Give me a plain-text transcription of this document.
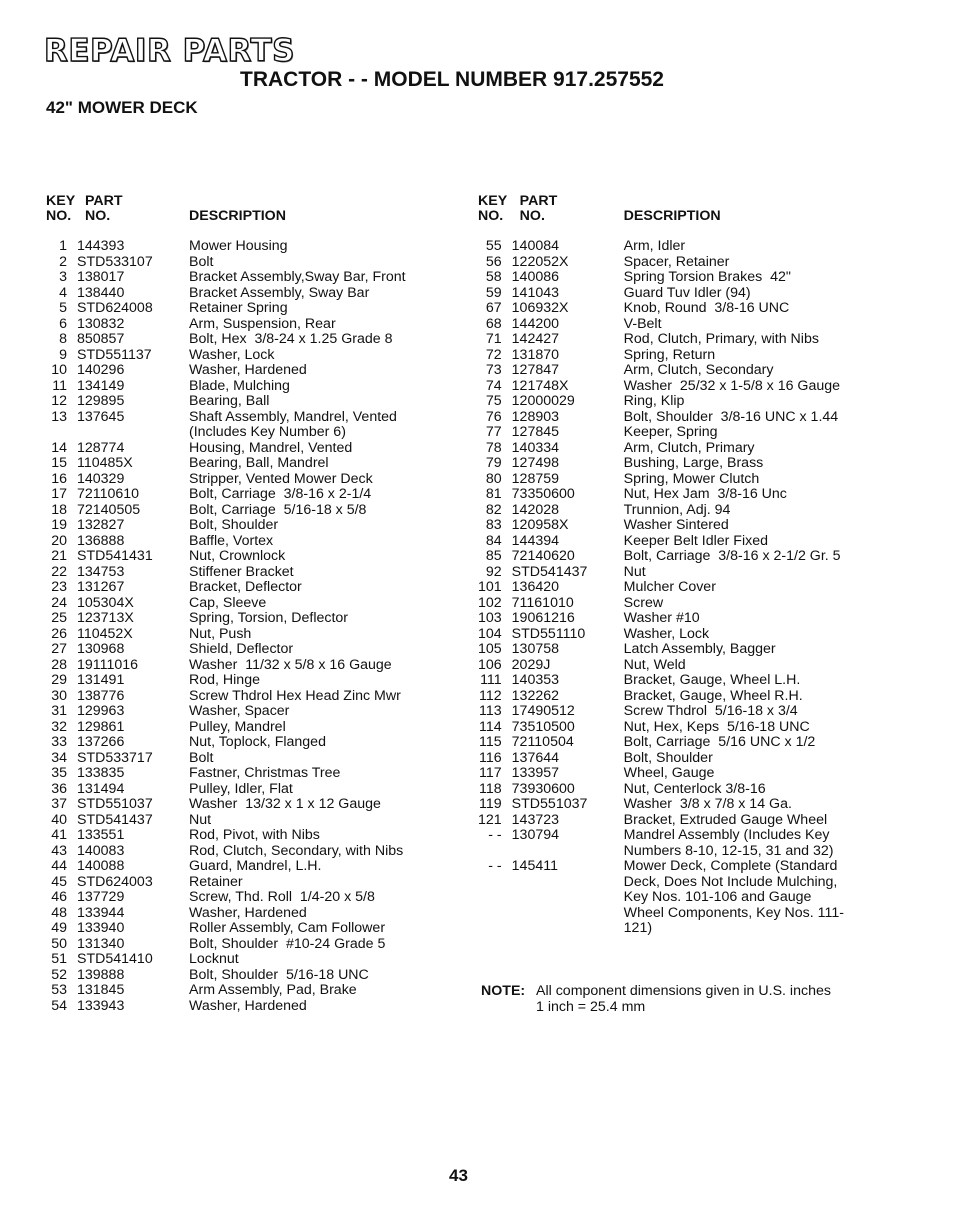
REPAIR PARTS
TRACTOR - - MODEL NUMBER 917.257552
42" MOWER DECK
KEY
NO.	PART
NO.	DESCRIPTION
1	144393	Mower Housing
2	STD533107	Bolt
3	138017	Bracket Assembly,Sway Bar, Front
4	138440	Bracket Assembly, Sway Bar
5	STD624008	Retainer Spring
6	130832	Arm, Suspension, Rear
8	850857	Bolt, Hex  3/8-24 x 1.25 Grade 8
9	STD551137	Washer, Lock
10	140296	Washer, Hardened
11	134149	Blade, Mulching
12	129895	Bearing, Ball
13	137645	Shaft Assembly, Mandrel, Vented
		(Includes Key Number 6)
14	128774	Housing, Mandrel, Vented
15	110485X	Bearing, Ball, Mandrel
16	140329	Stripper, Vented Mower Deck
17	72110610	Bolt, Carriage  3/8-16 x 2-1/4
18	72140505	Bolt, Carriage  5/16-18 x 5/8
19	132827	Bolt, Shoulder
20	136888	Baffle, Vortex
21	STD541431	Nut, Crownlock
22	134753	Stiffener Bracket
23	131267	Bracket, Deflector
24	105304X	Cap, Sleeve
25	123713X	Spring, Torsion, Deflector
26	110452X	Nut, Push
27	130968	Shield, Deflector
28	19111016	Washer  11/32 x 5/8 x 16 Gauge
29	131491	Rod, Hinge
30	138776	Screw Thdrol Hex Head Zinc Mwr
31	129963	Washer, Spacer
32	129861	Pulley, Mandrel
33	137266	Nut, Toplock, Flanged
34	STD533717	Bolt
35	133835	Fastner, Christmas Tree
36	131494	Pulley, Idler, Flat
37	STD551037	Washer  13/32 x 1 x 12 Gauge
40	STD541437	Nut
41	133551	Rod, Pivot, with Nibs
43	140083	Rod, Clutch, Secondary, with Nibs
44	140088	Guard, Mandrel, L.H.
45	STD624003	Retainer
46	137729	Screw, Thd. Roll  1/4-20 x 5/8
48	133944	Washer, Hardened
49	133940	Roller Assembly, Cam Follower
50	131340	Bolt, Shoulder  #10-24 Grade 5
51	STD541410	Locknut
52	139888	Bolt, Shoulder  5/16-18 UNC
53	131845	Arm Assembly, Pad, Brake
54	133943	Washer, Hardened
KEY
NO.	PART
NO.	DESCRIPTION
55	140084	Arm, Idler
56	122052X	Spacer, Retainer
58	140086	Spring Torsion Brakes  42"
59	141043	Guard Tuv Idler (94)
67	106932X	Knob, Round  3/8-16 UNC
68	144200	V-Belt
71	142427	Rod, Clutch, Primary, with Nibs
72	131870	Spring, Return
73	127847	Arm, Clutch, Secondary
74	121748X	Washer  25/32 x 1-5/8 x 16 Gauge
75	12000029	Ring, Klip
76	128903	Bolt, Shoulder  3/8-16 UNC x 1.44
77	127845	Keeper, Spring
78	140334	Arm, Clutch, Primary
79	127498	Bushing, Large, Brass
80	128759	Spring, Mower Clutch
81	73350600	Nut, Hex Jam  3/8-16 Unc
82	142028	Trunnion, Adj. 94
83	120958X	Washer Sintered
84	144394	Keeper Belt Idler Fixed
85	72140620	Bolt, Carriage  3/8-16 x 2-1/2 Gr. 5
92	STD541437	Nut
101	136420	Mulcher Cover
102	71161010	Screw
103	19061216	Washer #10
104	STD551110	Washer, Lock
105	130758	Latch Assembly, Bagger
106	2029J	Nut, Weld
111	140353	Bracket, Gauge, Wheel L.H.
112	132262	Bracket, Gauge, Wheel R.H.
113	17490512	Screw Thdrol  5/16-18 x 3/4
114	73510500	Nut, Hex, Keps  5/16-18 UNC
115	72110504	Bolt, Carriage  5/16 UNC x 1/2
116	137644	Bolt, Shoulder
117	133957	Wheel, Gauge
118	73930600	Nut, Centerlock 3/8-16
119	STD551037	Washer  3/8 x 7/8 x 14 Ga.
121	143723	Bracket, Extruded Gauge Wheel
- -	130794	Mandrel Assembly (Includes Key
		Numbers 8-10, 12-15, 31 and 32)
- -	145411	Mower Deck, Complete (Standard
		Deck, Does Not Include Mulching,
		Key Nos. 101-106 and Gauge
		Wheel Components, Key Nos. 111-
		121)
NOTE: All component dimensions given in U.S. inches
1 inch = 25.4 mm
43
